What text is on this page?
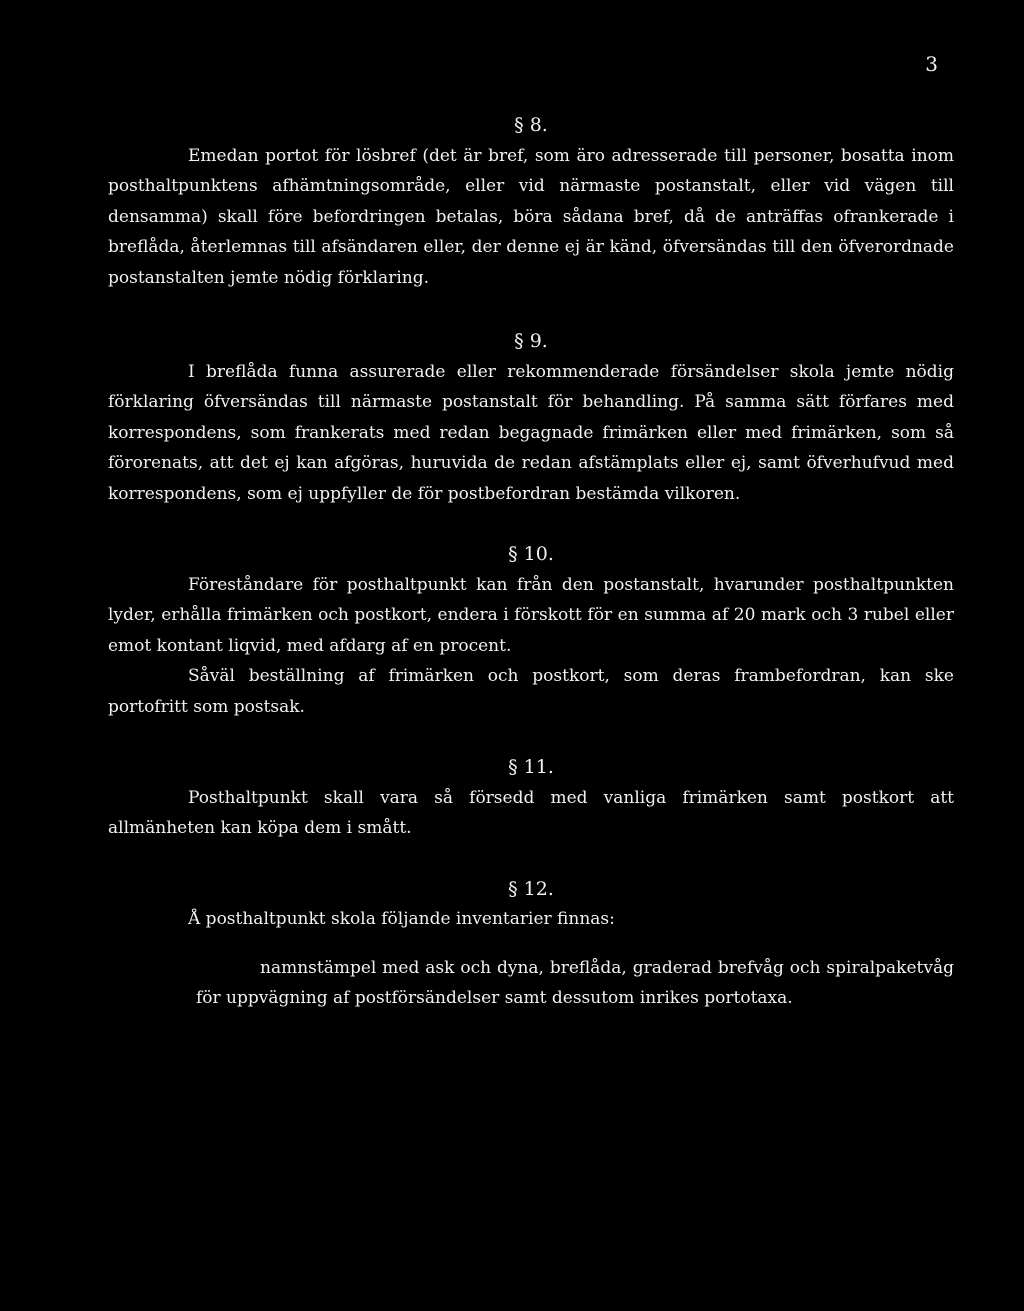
3
§ 8.

Emedan portot för lösbref (det är bref, som äro adresserade till personer, bosatta inom posthaltpunktens afhämtningsområde, eller vid närmaste postanstalt, eller vid vägen till densamma) skall före befordringen betalas, böra sådana bref, då de anträffas ofrankerade i breflåda, återlemnas till afsändaren eller, der denne ej är känd, öfversändas till den öfverordnade postanstalten jemte nödig förklaring.

§ 9.

I breflåda funna assurerade eller rekommenderade försändelser skola jemte nödig förklaring öfversändas till närmaste postanstalt för behandling. På samma sätt förfares med korrespondens, som frankerats med redan begagnade frimärken eller med frimärken, som så förorenats, att det ej kan afgöras, huruvida de redan afstämplats eller ej, samt öfverhufvud med korrespondens, som ej uppfyller de för postbefordran bestämda vilkoren.

§ 10.

Föreståndare för posthaltpunkt kan från den postanstalt, hvarunder posthaltpunkten lyder, erhålla frimärken och postkort, endera i förskott för en summa af 20 mark och 3 rubel eller emot kontant liqvid, med afdarg af en procent.

Såväl beställning af frimärken och postkort, som deras frambefordran, kan ske portofritt som postsak.

§ 11.

Posthaltpunkt skall vara så försedd med vanliga frimärken samt postkort att allmänheten kan köpa dem i smått.

§ 12.

Å posthaltpunkt skola följande inventarier finnas:

namnstämpel med ask och dyna, breflåda, graderad brefvåg och spiralpaketvåg för uppvägning af postförsändelser samt dessutom inrikes portotaxa.
